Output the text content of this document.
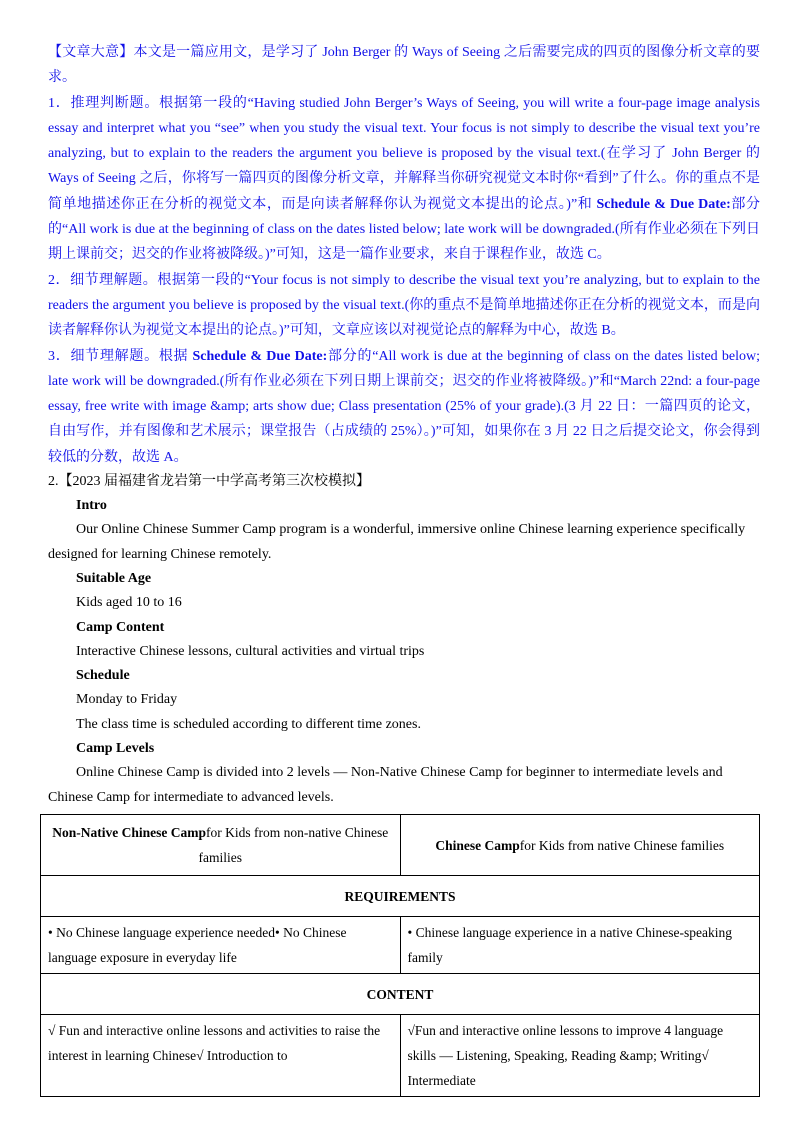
【文章大意】本文是一篇应用文，是学习了 John Berger 的 Ways of Seeing 之后需要完成的四页的图像分析文章的要求。

1．推理判断题。根据第一段的“Having studied John Berger’s Ways of Seeing, you will write a four-page image analysis essay and interpret what you “see” when you study the visual text. Your focus is not simply to describe the visual text you’re analyzing, but to explain to the readers the argument you believe is proposed by the visual text.(在学习了 John Berger 的 Ways of Seeing 之后，你将写一篇四页的图像分析文章，并解释当你研究视觉文本时你“看到”了什么。你的重点不是简单地描述你正在分析的视觉文本，而是向读者解释你认为视觉文本提出的论点。)”和 Schedule & Due Date:部分的“All work is due at the beginning of class on the dates listed below; late work will be downgraded.(所有作业必须在下列日期上课前交；迟交的作业将被降级。)”可知，这是一篇作业要求，来自于课程作业，故选 C。

2．细节理解题。根据第一段的“Your focus is not simply to describe the visual text you’re analyzing, but to explain to the readers the argument you believe is proposed by the visual text.(你的重点不是简单地描述你正在分析的视觉文本，而是向读者解释你认为视觉文本提出的论点。)”可知，文章应该以对视觉论点的解释为中心，故选 B。

3．细节理解题。根据 Schedule & Due Date:部分的“All work is due at the beginning of class on the dates listed below; late work will be downgraded.(所有作业必须在下列日期上课前交；迟交的作业将被降级。)”和“March 22nd: a four-page essay, free write with image &amp; arts show due; Class presentation (25% of your grade).(3 月 22 日：一篇四页的论文，自由写作，并有图像和艺术展示；课堂报告（占成绩的 25%）。)”可知，如果你在 3 月 22 日之后提交论文，你会得到较低的分数，故选 A。

2.【2023 届福建省龙岩第一中学高考第三次校模拟】

Intro

Our Online Chinese Summer Camp program is a wonderful, immersive online Chinese learning experience specifically designed for learning Chinese remotely.

Suitable Age

Kids aged 10 to 16

Camp Content

Interactive Chinese lessons, cultural activities and virtual trips

Schedule

Monday to Friday

The class time is scheduled according to different time zones.

Camp Levels

Online Chinese Camp is divided into 2 levels — Non-Native Chinese Camp for beginner to intermediate levels and Chinese Camp for intermediate to advanced levels.

Non-Native Chinese Campfor Kids from non-native Chinese families	Chinese Campfor Kids from native Chinese families
REQUIREMENTS	
• No Chinese language experience needed• No Chinese language exposure in everyday life	• Chinese language experience in a native Chinese-speaking family
CONTENT	
√ Fun and interactive online lessons and activities to raise the interest in learning Chinese√ Introduction to	√Fun and interactive online lessons to improve 4 language skills — Listening, Speaking, Reading &amp; Writing√ Intermediate
